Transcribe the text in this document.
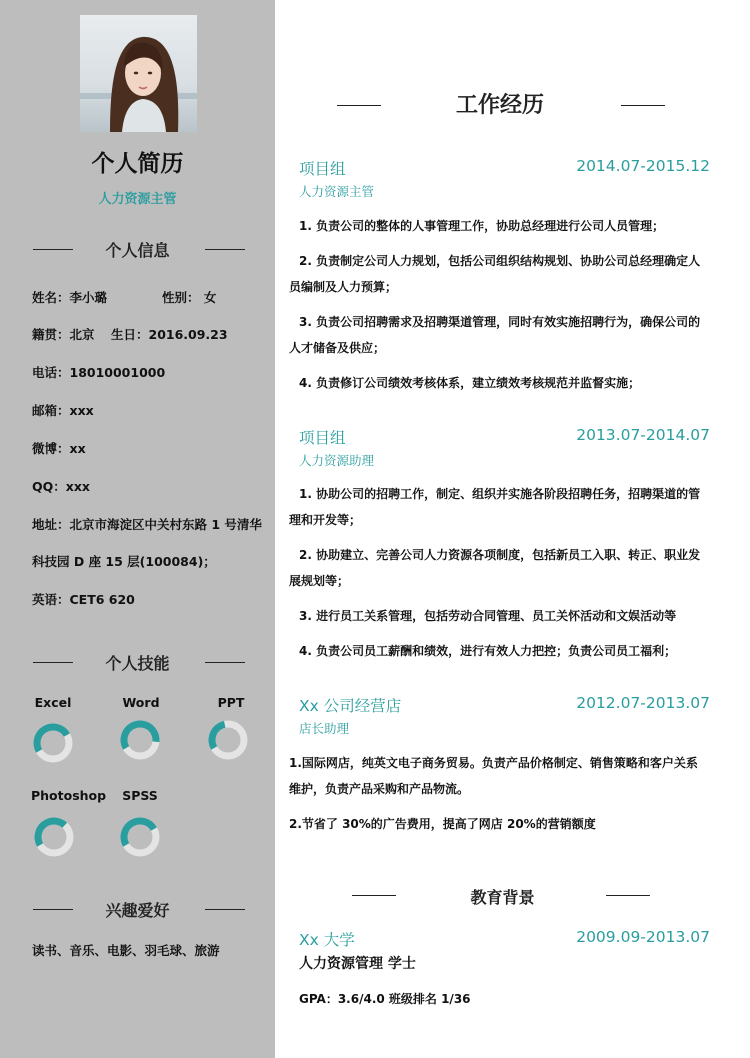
个人简历
人力资源主管
个人信息
姓名：李小璐	性别： 女
籍贯：北京 生日：2016.09.23
电话：18010001000
邮箱：xxx
微博：xx
QQ：xxx
地址：北京市海淀区中关村东路 1 号清华
科技园 D 座 15 层(100084)；
英语：CET6 620
个人技能
Excel	Word	PPT
Photoshop	SPSS
兴趣爱好
读书、音乐、电影、羽毛球、旅游
工作经历
项目组	2014.07-2015.12
人力资源主管
1. 负责公司的整体的人事管理工作，协助总经理进行公司人员管理；
2. 负责制定公司人力规划，包括公司组织结构规划、协助公司总经理确定人员编制及人力预算；
3. 负责公司招聘需求及招聘渠道管理，同时有效实施招聘行为，确保公司的人才储备及供应；
4. 负责修订公司绩效考核体系，建立绩效考核规范并监督实施；
项目组	2013.07-2014.07
人力资源助理
1. 协助公司的招聘工作，制定、组织并实施各阶段招聘任务，招聘渠道的管理和开发等；
2. 协助建立、完善公司人力资源各项制度，包括新员工入职、转正、职业发展规划等；
3. 进行员工关系管理，包括劳动合同管理、员工关怀活动和文娱活动等
4. 负责公司员工薪酬和绩效，进行有效人力把控；负责公司员工福利；
Xx 公司经营店	2012.07-2013.07
店长助理
1.国际网店，纯英文电子商务贸易。负责产品价格制定、销售策略和客户关系维护，负责产品采购和产品物流。
2.节省了 30%的广告费用，提高了网店 20%的营销额度
教育背景
Xx 大学	2009.09-2013.07
人力资源管理 学士
GPA：3.6/4.0 班级排名 1/36
